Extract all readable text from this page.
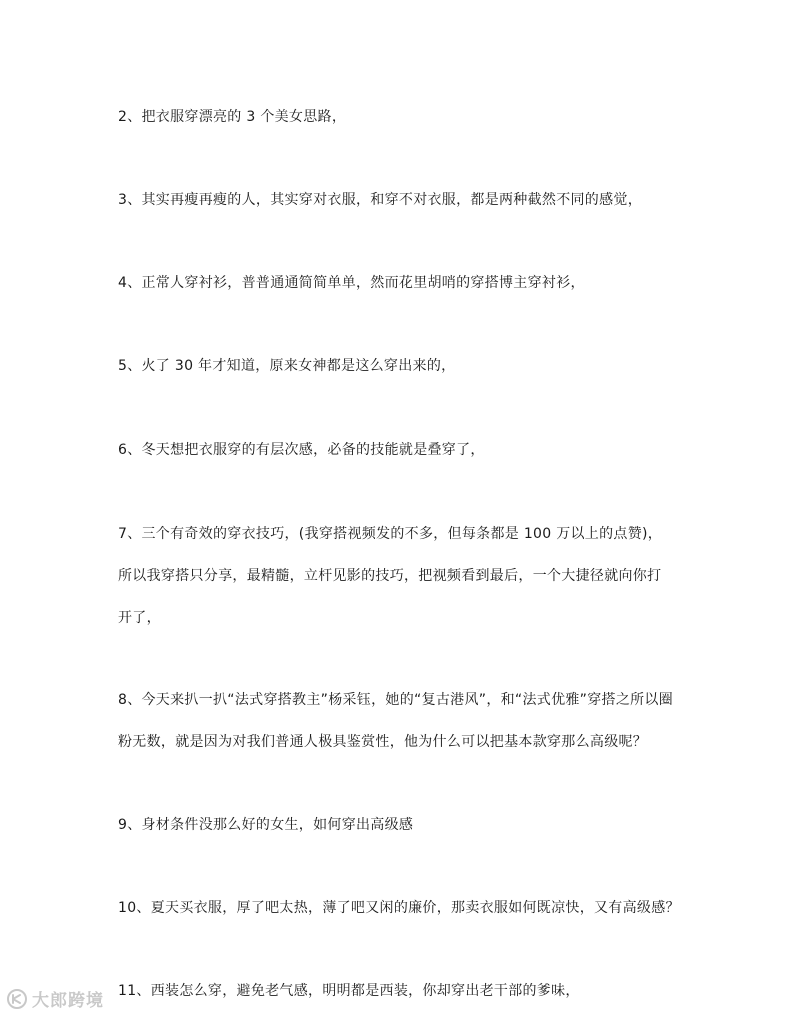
2、把衣服穿漂亮的 3 个美女思路，
3、其实再瘦再瘦的人，其实穿对衣服，和穿不对衣服，都是两种截然不同的感觉，
4、正常人穿衬衫，普普通通简简单单，然而花里胡哨的穿搭博主穿衬衫，
5、火了 30 年才知道，原来女神都是这么穿出来的，
6、冬天想把衣服穿的有层次感，必备的技能就是叠穿了，
7、三个有奇效的穿衣技巧，(我穿搭视频发的不多，但每条都是 100 万以上的点赞)，
所以我穿搭只分享，最精髓，立杆见影的技巧，把视频看到最后，一个大捷径就向你打
开了，
8、今天来扒一扒“法式穿搭教主”杨采钰，她的“复古港风”，和“法式优雅”穿搭之所以圈
粉无数，就是因为对我们普通人极具鉴赏性，他为什么可以把基本款穿那么高级呢？
9、身材条件没那么好的女生，如何穿出高级感
10、夏天买衣服，厚了吧太热，薄了吧又闲的廉价，那卖衣服如何既凉快，又有高级感？
11、西装怎么穿，避免老气感，明明都是西装，你却穿出老干部的爹味，
大郎跨境
